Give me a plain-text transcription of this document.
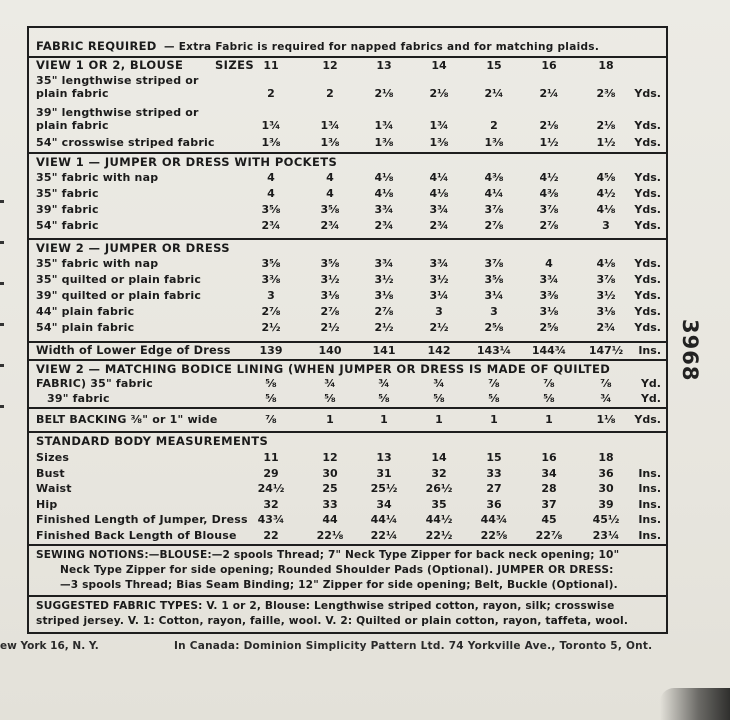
FABRIC REQUIRED — Extra Fabric is required for napped fabrics and for matching plaids.
VIEW 1 OR 2, BLOUSE	SIZES 11	12	13	14	15	16	18
35" lengthwise striped or
plain fabric	2	2	2⅛	2⅛	2¼	2¼	2⅜	Yds.
39" lengthwise striped or
plain fabric	1¾	1¾	1¾	1¾	2	2⅛	2⅛	Yds.
54" crosswise striped fabric	1⅜	1⅜	1⅜	1⅜	1⅜	1½	1½	Yds.
VIEW 1 — JUMPER OR DRESS WITH POCKETS
35" fabric with nap	4	4	4⅛	4¼	4⅜	4½	4⅝	Yds.
35" fabric	4	4	4⅛	4⅛	4¼	4⅜	4½	Yds.
39" fabric	3⅝	3⅝	3¾	3¾	3⅞	3⅞	4⅛	Yds.
54" fabric	2¾	2¾	2¾	2¾	2⅞	2⅞	3	Yds.
VIEW 2 — JUMPER OR DRESS
35" fabric with nap	3⅝	3⅝	3¾	3¾	3⅞	4	4⅛	Yds.
35" quilted or plain fabric	3⅜	3½	3½	3½	3⅝	3¾	3⅞	Yds.
39" quilted or plain fabric	3	3⅛	3⅛	3¼	3¼	3⅜	3½	Yds.
44" plain fabric	2⅞	2⅞	2⅞	3	3	3⅛	3⅛	Yds.
54" plain fabric	2½	2½	2½	2½	2⅝	2⅝	2¾	Yds.
Width of Lower Edge of Dress	139	140	141	142	143¼ 144¾ 147½	Ins.
VIEW 2 — MATCHING BODICE LINING (WHEN JUMPER OR DRESS IS MADE OF QUILTED
FABRIC) 35" fabric	⅝	¾	¾	¾	⅞	⅞	⅞	Yd.
39" fabric	⅝	⅝	⅝	⅝	⅝	⅝	¾	Yd.
BELT BACKING ⅜" or 1" wide	⅞	1	1	1	1	1	1⅛	Yds.
STANDARD BODY MEASUREMENTS
Sizes	11	12	13	14	15	16	18
Bust	29	30	31	32	33	34	36	Ins.
Waist	24½	25	25½	26½	27	28	30	Ins.
Hip	32	33	34	35	36	37	39	Ins.
Finished Length of Jumper, Dress 43¾	44	44¼	44½	44¾	45	45½	Ins.
Finished Back Length of Blouse	22	22⅛	22¼	22½	22⅝	22⅞	23¼	Ins.
SEWING NOTIONS:—BLOUSE:—2 spools Thread; 7" Neck Type Zipper for back neck opening; 10"
Neck Type Zipper for side opening; Rounded Shoulder Pads (Optional). JUMPER OR DRESS:
—3 spools Thread; Bias Seam Binding; 12" Zipper for side opening; Belt, Buckle (Optional).
SUGGESTED FABRIC TYPES: V. 1 or 2, Blouse: Lengthwise striped cotton, rayon, silk; crosswise
striped jersey. V. 1: Cotton, rayon, faille, wool. V. 2: Quilted or plain cotton, rayon, taffeta, wool.
3968
ew York 16, N. Y.	In Canada: Dominion Simplicity Pattern Ltd. 74 Yorkville Ave., Toronto 5, Ont.
